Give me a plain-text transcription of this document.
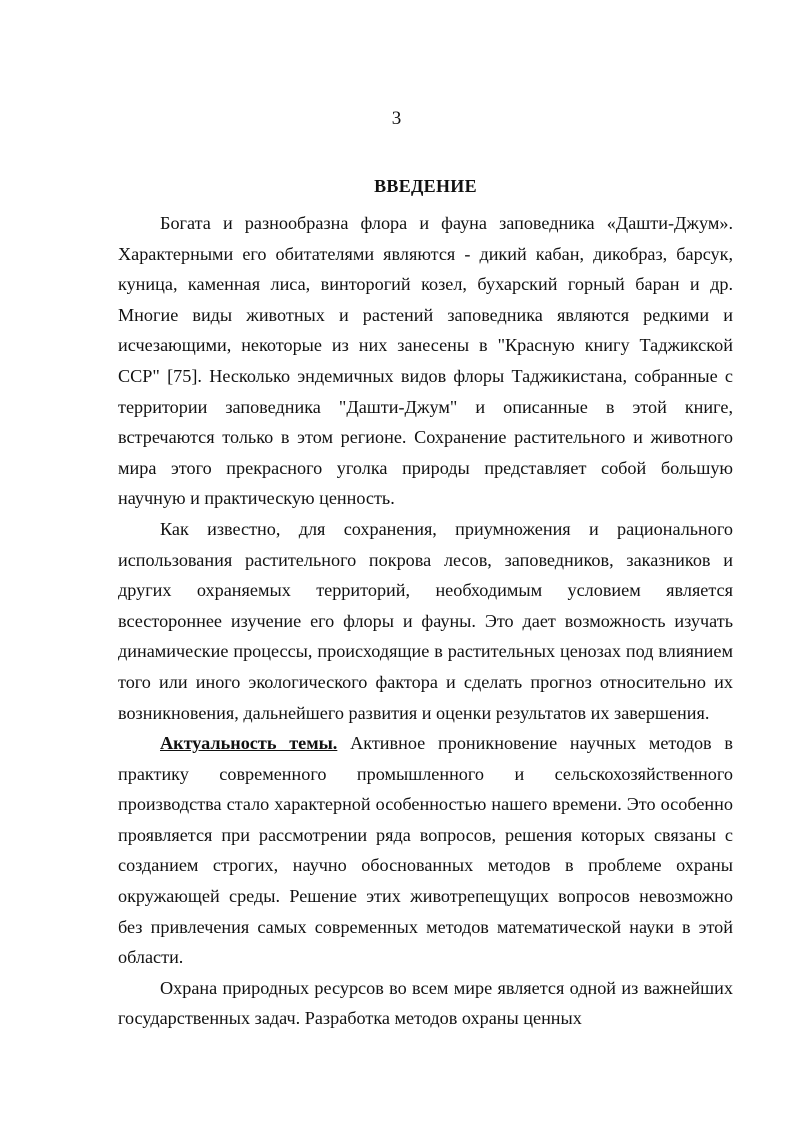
3
ВВЕДЕНИЕ

Богата и разнообразна флора и фауна заповедника «Дашти-Джум». Характерными его обитателями являются - дикий кабан, дикобраз, барсук, куница, каменная лиса, винторогий козел, бухарский горный баран и др. Многие виды животных и растений заповедника являются редкими и исчезающими, некоторые из них занесены в "Красную книгу Таджикской ССР" [75]. Несколько эндемичных видов флоры Таджикистана, собранные с территории заповедника "Дашти-Джум" и описанные в этой книге, встречаются только в этом регионе. Сохранение растительного и животного мира этого прекрасного уголка природы представляет собой большую научную и практическую ценность.

Как известно, для сохранения, приумножения и рационального использования растительного покрова лесов, заповедников, заказников и других охраняемых территорий, необходимым условием является всестороннее изучение его флоры и фауны. Это дает возможность изучать динамические процессы, происходящие в растительных ценозах под влиянием того или иного экологического фактора и сделать прогноз относительно их возникновения, дальнейшего развития и оценки результатов их завершения.

Актуальность темы. Активное проникновение научных методов в практику современного промышленного и сельскохозяйственного производства стало характерной особенностью нашего времени. Это особенно проявляется при рассмотрении ряда вопросов, решения которых связаны с созданием строгих, научно обоснованных методов в проблеме охраны окружающей среды. Решение этих животрепещущих вопросов невозможно без привлечения самых современных методов математической науки в этой области.

Охрана природных ресурсов во всем мире является одной из важнейших государственных задач. Разработка методов охраны ценных
